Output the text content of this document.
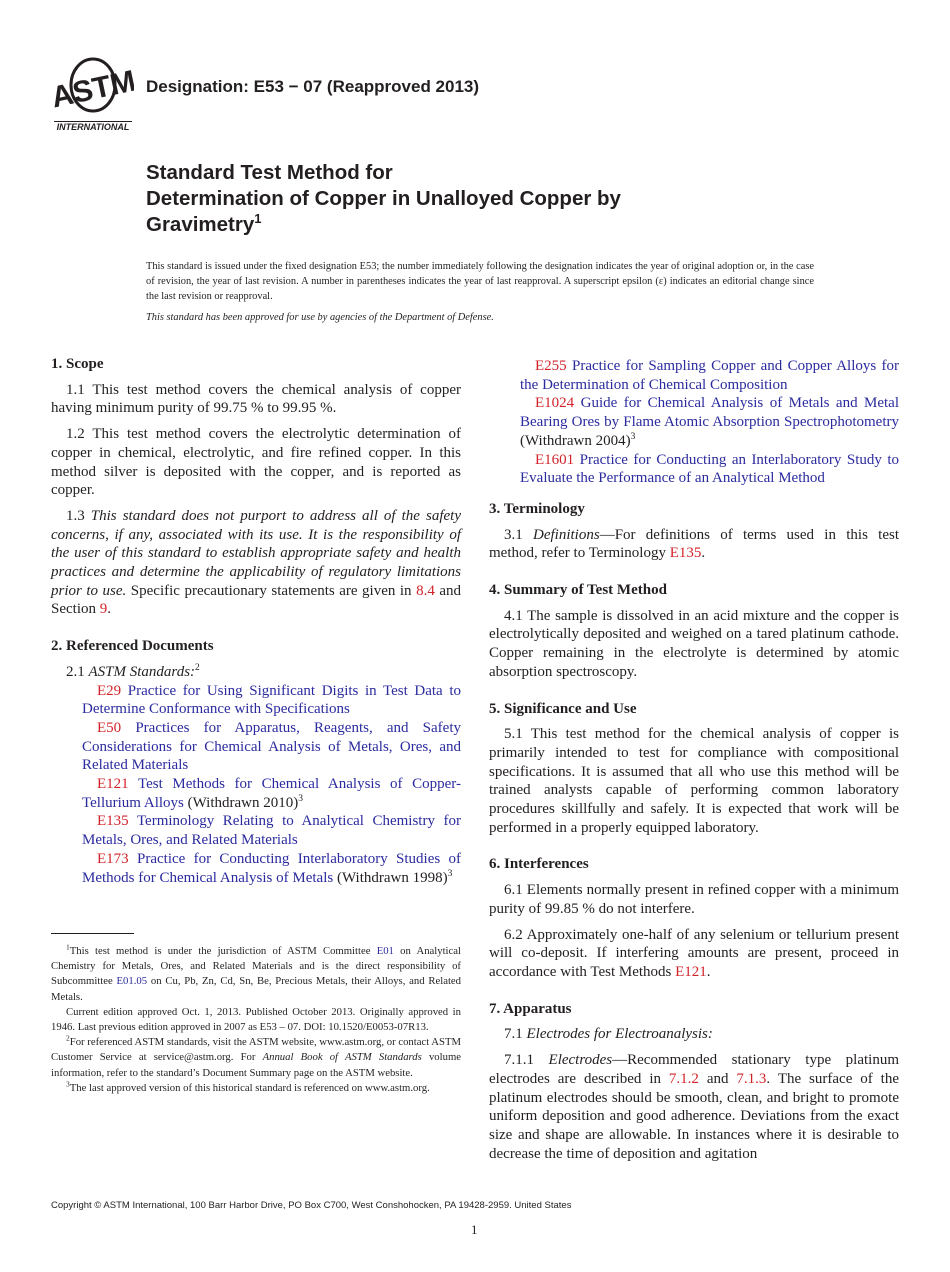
ASTM
INTERNATIONAL
Designation: E53 − 07 (Reapproved 2013)
Standard Test Method for
Determination of Copper in Unalloyed Copper by
Gravimetry$^1$
This standard is issued under the fixed designation E53; the number immediately following the designation indicates the year of original adoption or, in the case of revision, the year of last revision. A number in parentheses indicates the year of last reapproval. A superscript epsilon (ε) indicates an editorial change since the last revision or reapproval.
This standard has been approved for use by agencies of the Department of Defense.
1. Scope

1.1 This test method covers the chemical analysis of copper having minimum purity of 99.75 % to 99.95 %.

1.2 This test method covers the electrolytic determination of copper in chemical, electrolytic, and fire refined copper. In this method silver is deposited with the copper, and is reported as copper.

1.3 This standard does not purport to address all of the safety concerns, if any, associated with its use. It is the responsibility of the user of this standard to establish appropriate safety and health practices and determine the applicability of regulatory limitations prior to use. Specific precautionary statements are given in 8.4 and Section 9.

2. Referenced Documents

2.1 ASTM Standards:$^2$

E29 Practice for Using Significant Digits in Test Data to Determine Conformance with Specifications

E50 Practices for Apparatus, Reagents, and Safety Considerations for Chemical Analysis of Metals, Ores, and Related Materials

E121 Test Methods for Chemical Analysis of Copper-Tellurium Alloys (Withdrawn 2010)$^3$

E135 Terminology Relating to Analytical Chemistry for Metals, Ores, and Related Materials

E173 Practice for Conducting Interlaboratory Studies of Methods for Chemical Analysis of Metals (Withdrawn 1998)$^3$

E255 Practice for Sampling Copper and Copper Alloys for the Determination of Chemical Composition

E1024 Guide for Chemical Analysis of Metals and Metal Bearing Ores by Flame Atomic Absorption Spectrophotometry (Withdrawn 2004)$^3$

E1601 Practice for Conducting an Interlaboratory Study to Evaluate the Performance of an Analytical Method

3. Terminology

3.1 Definitions—For definitions of terms used in this test method, refer to Terminology E135.

4. Summary of Test Method

4.1 The sample is dissolved in an acid mixture and the copper is electrolytically deposited and weighed on a tared platinum cathode. Copper remaining in the electrolyte is determined by atomic absorption spectroscopy.

5. Significance and Use

5.1 This test method for the chemical analysis of copper is primarily intended to test for compliance with compositional specifications. It is assumed that all who use this method will be trained analysts capable of performing common laboratory procedures skillfully and safely. It is expected that work will be performed in a properly equipped laboratory.

6. Interferences

6.1 Elements normally present in refined copper with a minimum purity of 99.85 % do not interfere.

6.2 Approximately one-half of any selenium or tellurium present will co-deposit. If interfering amounts are present, proceed in accordance with Test Methods E121.

7. Apparatus

7.1 Electrodes for Electroanalysis:

7.1.1 Electrodes—Recommended stationary type platinum electrodes are described in 7.1.2 and 7.1.3. The surface of the platinum electrodes should be smooth, clean, and bright to promote uniform deposition and good adherence. Deviations from the exact size and shape are allowable. In instances where it is desirable to decrease the time of deposition and agitation

$^1$This test method is under the jurisdiction of ASTM Committee E01 on Analytical Chemistry for Metals, Ores, and Related Materials and is the direct responsibility of Subcommittee E01.05 on Cu, Pb, Zn, Cd, Sn, Be, Precious Metals, their Alloys, and Related Metals.

Current edition approved Oct. 1, 2013. Published October 2013. Originally approved in 1946. Last previous edition approved in 2007 as E53 – 07. DOI: 10.1520/E0053-07R13.

$^2$For referenced ASTM standards, visit the ASTM website, www.astm.org, or contact ASTM Customer Service at service@astm.org. For Annual Book of ASTM Standards volume information, refer to the standard’s Document Summary page on the ASTM website.

$^3$The last approved version of this historical standard is referenced on www.astm.org.

Copyright © ASTM International, 100 Barr Harbor Drive, PO Box C700, West Conshohocken, PA 19428-2959. United States
1
